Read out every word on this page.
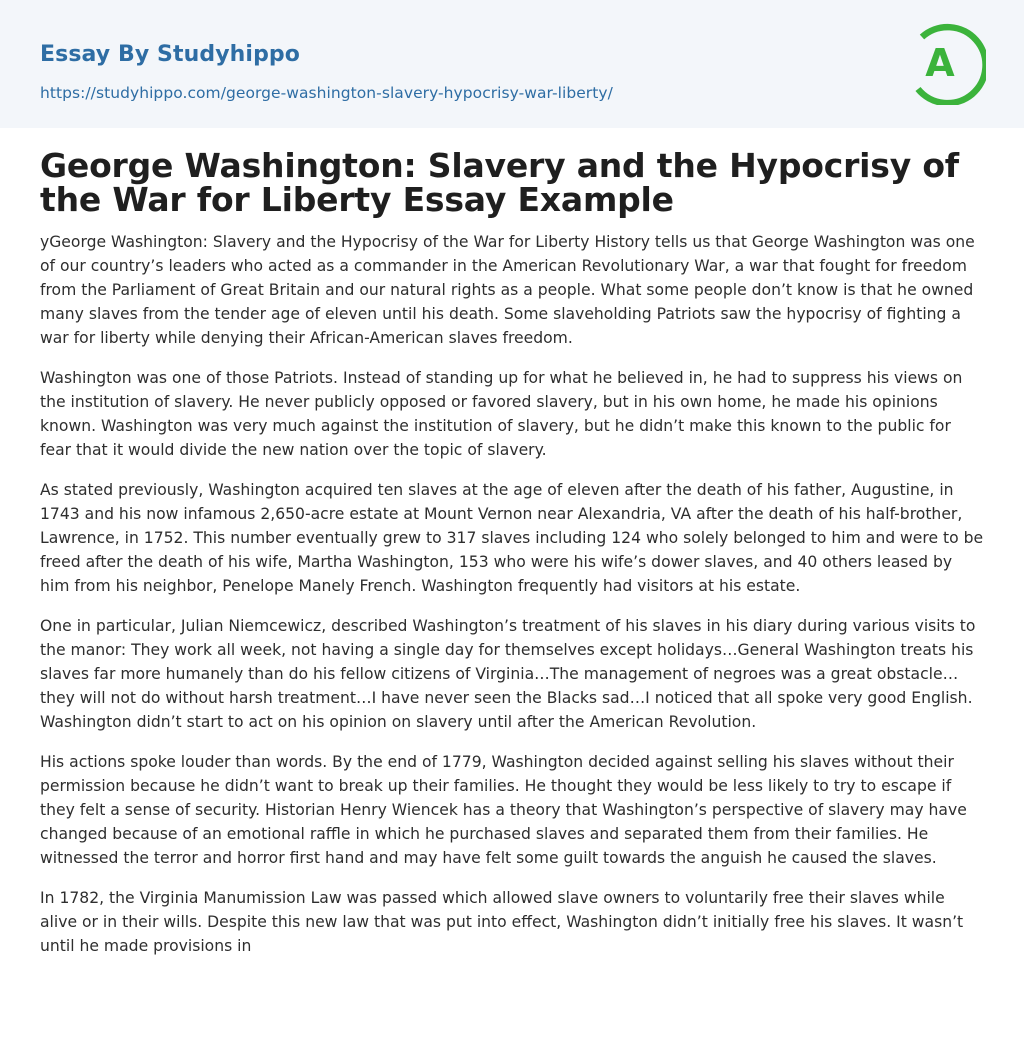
Essay By Studyhippo
https://studyhippo.com/george-washington-slavery-hypocrisy-war-liberty/
A
George Washington: Slavery and the Hypocrisy of the War for Liberty Essay Example

yGeorge Washington: Slavery and the Hypocrisy of the War for Liberty History tells us that George Washington was one of our country’s leaders who acted as a commander in the American Revolutionary War, a war that fought for freedom from the Parliament of Great Britain and our natural rights as a people. What some people don’t know is that he owned many slaves from the tender age of eleven until his death. Some slaveholding Patriots saw the hypocrisy of fighting a war for liberty while denying their African-American slaves freedom.

Washington was one of those Patriots. Instead of standing up for what he believed in, he had to suppress his views on the institution of slavery. He never publicly opposed or favored slavery, but in his own home, he made his opinions known. Washington was very much against the institution of slavery, but he didn’t make this known to the public for fear that it would divide the new nation over the topic of slavery.

As stated previously, Washington acquired ten slaves at the age of eleven after the death of his father, Augustine, in 1743 and his now infamous 2,650-acre estate at Mount Vernon near Alexandria, VA after the death of his half-brother, Lawrence, in 1752. This number eventually grew to 317 slaves including 124 who solely belonged to him and were to be freed after the death of his wife, Martha Washington, 153 who were his wife’s dower slaves, and 40 others leased by him from his neighbor, Penelope Manely French. Washington frequently had visitors at his estate.

One in particular, Julian Niemcewicz, described Washington’s treatment of his slaves in his diary during various visits to the manor: They work all week, not having a single day for themselves except holidays…General Washington treats his slaves far more humanely than do his fellow citizens of Virginia…The management of negroes was a great obstacle…they will not do without harsh treatment…I have never seen the Blacks sad…I noticed that all spoke very good English. Washington didn’t start to act on his opinion on slavery until after the American Revolution.

His actions spoke louder than words. By the end of 1779, Washington decided against selling his slaves without their permission because he didn’t want to break up their families. He thought they would be less likely to try to escape if they felt a sense of security. Historian Henry Wiencek has a theory that Washington’s perspective of slavery may have changed because of an emotional raffle in which he purchased slaves and separated them from their families. He witnessed the terror and horror first hand and may have felt some guilt towards the anguish he caused the slaves.

In 1782, the Virginia Manumission Law was passed which allowed slave owners to voluntarily free their slaves while alive or in their wills. Despite this new law that was put into effect, Washington didn’t initially free his slaves. It wasn’t until he made provisions in
